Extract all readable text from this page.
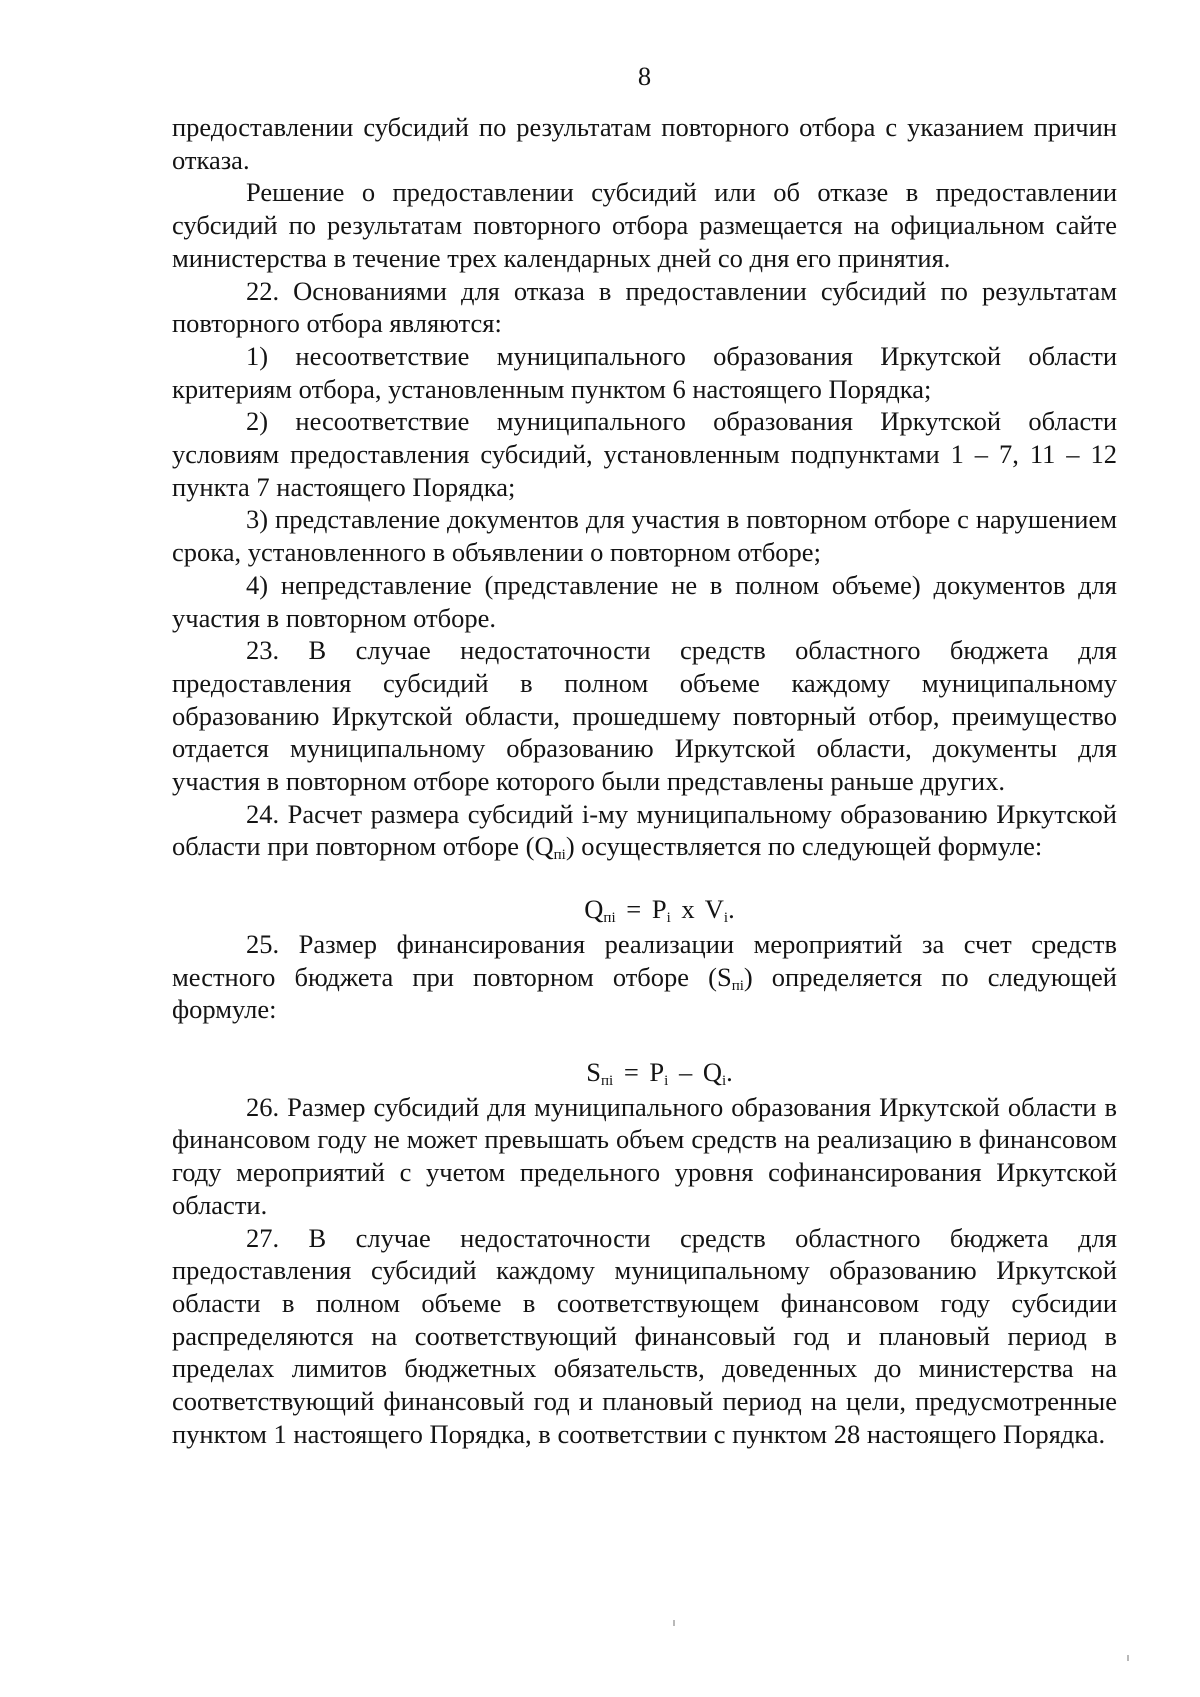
8

предоставлении субсидий по результатам повторного отбора с указанием причин отказа.

Решение о предоставлении субсидий или об отказе в предоставлении субсидий по результатам повторного отбора размещается на официальном сайте министерства в течение трех календарных дней со дня его принятия.

22. Основаниями для отказа в предоставлении субсидий по результатам повторного отбора являются:

1) несоответствие муниципального образования Иркутской области критериям отбора, установленным пунктом 6 настоящего Порядка;

2) несоответствие муниципального образования Иркутской области условиям предоставления субсидий, установленным подпунктами 1 – 7, 11 – 12 пункта 7 настоящего Порядка;

3) представление документов для участия в повторном отборе с нарушением срока, установленного в объявлении о повторном отборе;

4) непредставление (представление не в полном объеме) документов для участия в повторном отборе.

23. В случае недостаточности средств областного бюджета для предоставления субсидий в полном объеме каждому муниципальному образованию Иркутской области, прошедшему повторный отбор, преимущество отдается муниципальному образованию Иркутской области, документы для участия в повторном отборе которого были представлены раньше других.

24. Расчет размера субсидий i-му муниципальному образованию Иркутской области при повторном отборе $(Q_{пi})$ осуществляется по следующей формуле:

$Q_{пi} = P_i$ x $V_i$.

25. Размер финансирования реализации мероприятий за счет средств местного бюджета при повторном отборе $(S_{пi})$ определяется по следующей формуле:

$S_{пi} = P_i - Q_i$.

26. Размер субсидий для муниципального образования Иркутской области в финансовом году не может превышать объем средств на реализацию в финансовом году мероприятий с учетом предельного уровня софинансирования Иркутской области.

27. В случае недостаточности средств областного бюджета для предоставления субсидий каждому муниципальному образованию Иркутской области в полном объеме в соответствующем финансовом году субсидии распределяются на соответствующий финансовый год и плановый период в пределах лимитов бюджетных обязательств, доведенных до министерства на соответствующий финансовый год и плановый период на цели, предусмотренные пунктом 1 настоящего Порядка, в соответствии с пунктом 28 настоящего Порядка.
